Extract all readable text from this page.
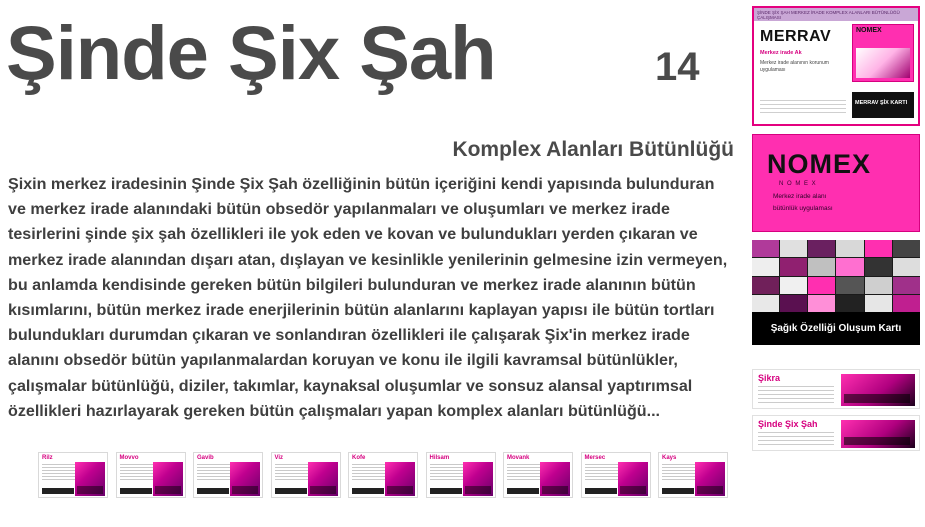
Şinde Şix Şah	14
Komplex Alanları Bütünlüğü
Şixin merkez iradesinin Şinde Şix Şah özelliğinin bütün içeriğini kendi yapısında bulunduran ve merkez irade alanındaki bütün obsedör yapılanmaları ve oluşumları ve merkez irade tesirlerini şinde şix şah özellikleri ile yok eden ve kovan ve bulundukları yerden çıkaran ve merkez irade alanından dışarı atan, dışlayan ve kesinlikle yenilerinin gelmesine izin vermeyen, bu anlamda kendisinde gereken bütün bilgileri bulunduran ve merkez irade alanının bütün kısımlarını, bütün merkez irade enerjilerinin bütün alanlarını kaplayan yapısı ile bütün tortları bulundukları durumdan çıkaran ve sonlandıran özellikleri ile çalışarak Şix'in merkez irade alanını obsedör bütün yapılanmalardan koruyan ve konu ile ilgili kavramsal bütünlükler, çalışmalar bütünlüğü, diziler, takımlar, kaynaksal oluşumlar ve sonsuz alansal yaptırımsal özellikleri hazırlayarak gereken bütün çalışmaları yapan komplex alanları bütünlüğü...
Rilz	Movvo	Gavib	Viz	Kofe	Hilsam	Movank	Mersec	Kays
ŞİNDE ŞİX ŞAH MERKEZ İRADE KOMPLEX ALANLARI BÜTÜNLÜĞÜ ÇALIŞMASI
MERRAV
Merkez irade Ak
Merkez irade alanının korunum uygulaması
NOMEX
MERRAV ŞİX KARTI
NOMEX
N O M E X
Merkez irade alanı
bütünlük uygulaması
Şağık Özelliği Oluşum Kartı
Şikra
Şinde Şix Şah
